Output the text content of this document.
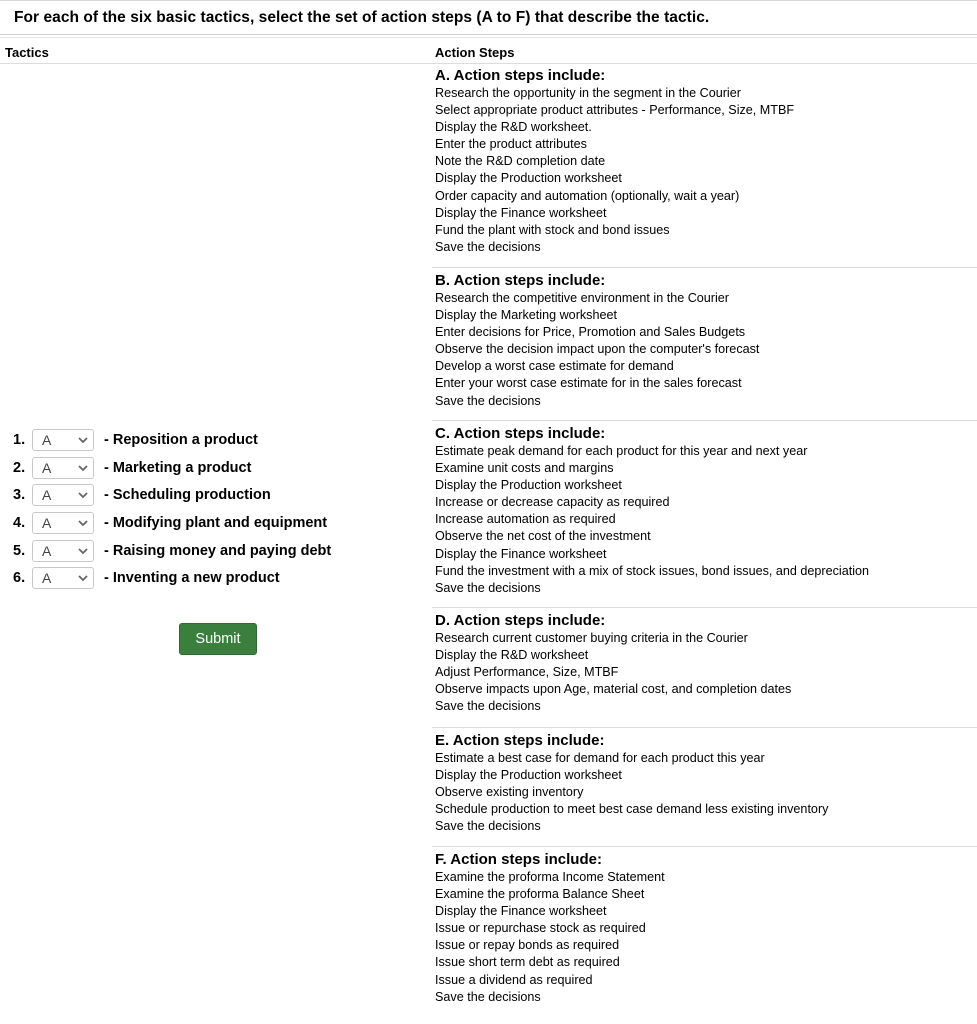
For each of the six basic tactics, select the set of action steps (A to F) that describe the tactic.
Tactics	Action Steps
1. A	- Reposition a product
2. A	- Marketing a product
3. A	- Scheduling production
4. A	- Modifying plant and equipment
5. A	- Raising money and paying debt
6. A	- Inventing a new product
Submit
A. Action steps include:
Research the opportunity in the segment in the Courier
Select appropriate product attributes - Performance, Size, MTBF
Display the R&D worksheet.
Enter the product attributes
Note the R&D completion date
Display the Production worksheet
Order capacity and automation (optionally, wait a year)
Display the Finance worksheet
Fund the plant with stock and bond issues
Save the decisions
B. Action steps include:
Research the competitive environment in the Courier
Display the Marketing worksheet
Enter decisions for Price, Promotion and Sales Budgets
Observe the decision impact upon the computer's forecast
Develop a worst case estimate for demand
Enter your worst case estimate for in the sales forecast
Save the decisions
C. Action steps include:
Estimate peak demand for each product for this year and next year
Examine unit costs and margins
Display the Production worksheet
Increase or decrease capacity as required
Increase automation as required
Observe the net cost of the investment
Display the Finance worksheet
Fund the investment with a mix of stock issues, bond issues, and depreciation
Save the decisions
D. Action steps include:
Research current customer buying criteria in the Courier
Display the R&D worksheet
Adjust Performance, Size, MTBF
Observe impacts upon Age, material cost, and completion dates
Save the decisions
E. Action steps include:
Estimate a best case for demand for each product this year
Display the Production worksheet
Observe existing inventory
Schedule production to meet best case demand less existing inventory
Save the decisions
F. Action steps include:
Examine the proforma Income Statement
Examine the proforma Balance Sheet
Display the Finance worksheet
Issue or repurchase stock as required
Issue or repay bonds as required
Issue short term debt as required
Issue a dividend as required
Save the decisions
